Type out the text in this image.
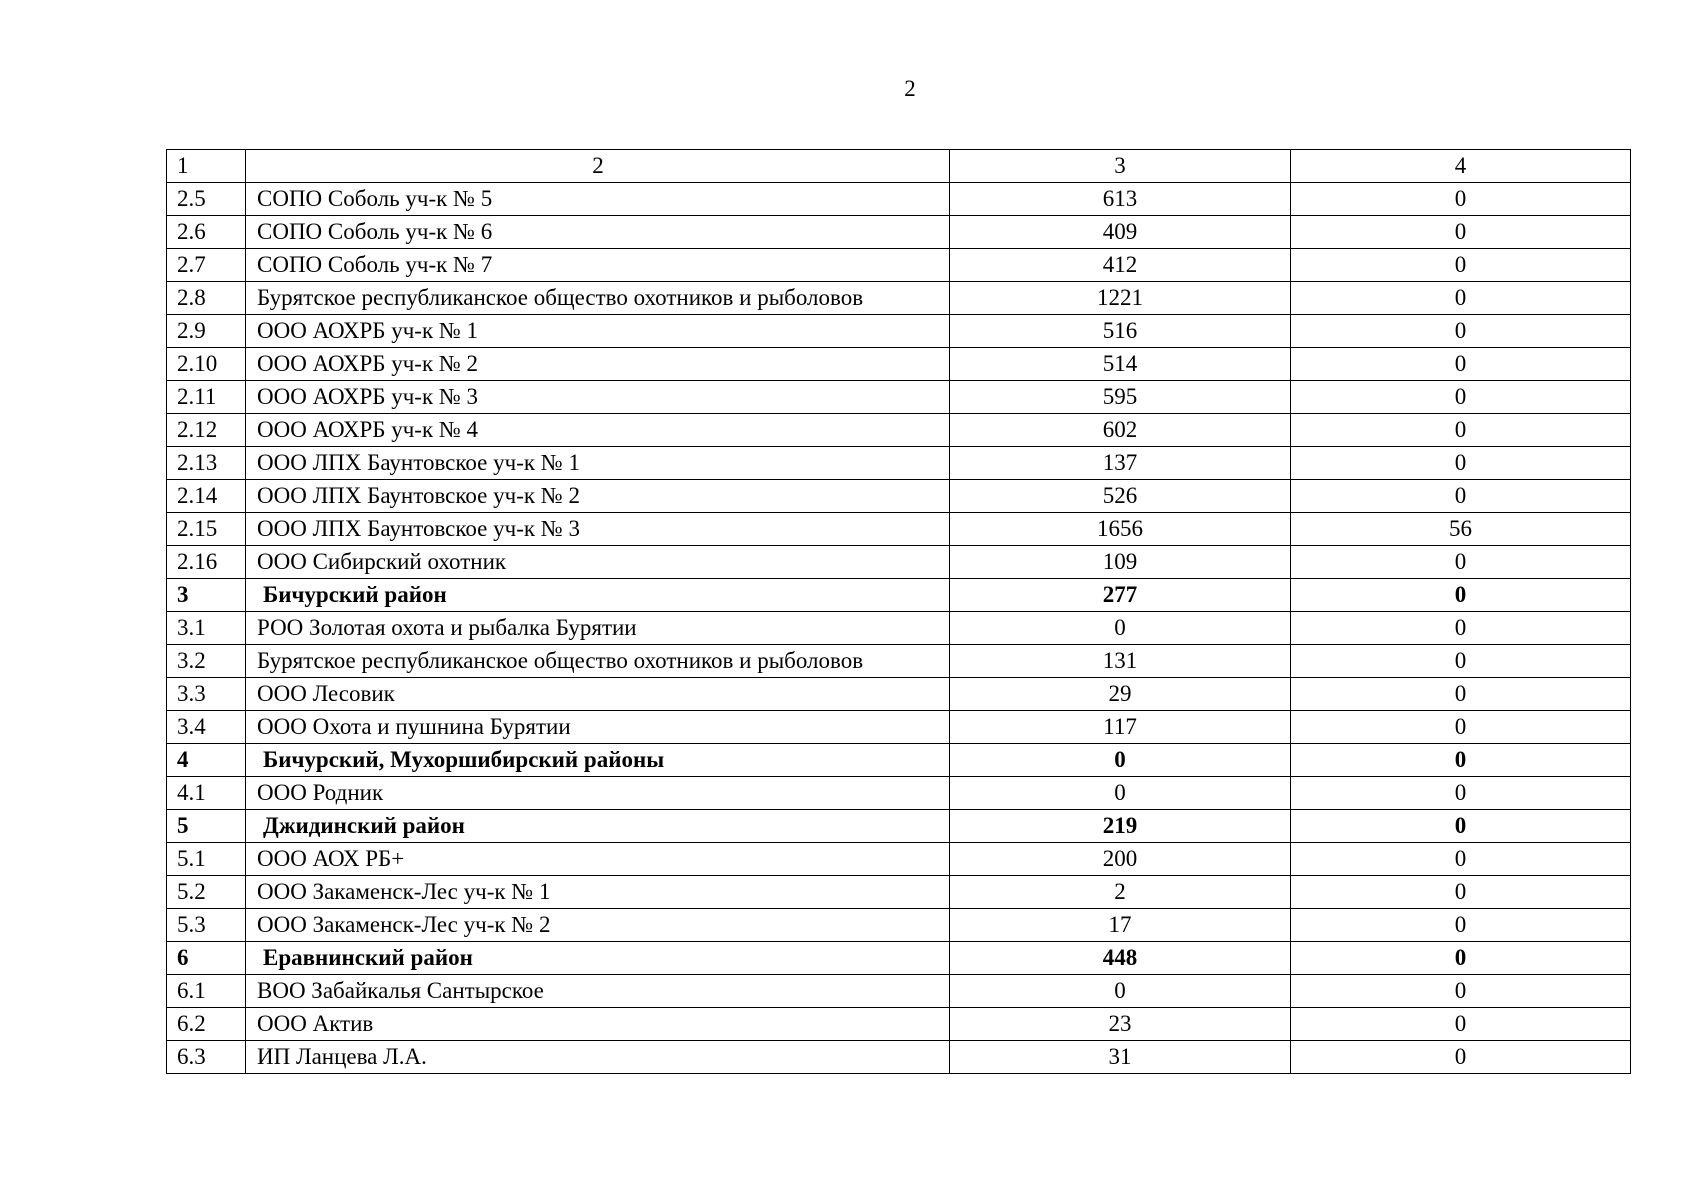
2
1	2	3	4
2.5	СОПО Соболь уч-к № 5	613	0
2.6	СОПО Соболь уч-к № 6	409	0
2.7	СОПО Соболь уч-к № 7	412	0
2.8	Бурятское республиканское общество охотников и рыболовов	1221	0
2.9	ООО АОХРБ уч-к № 1	516	0
2.10	ООО АОХРБ уч-к № 2	514	0
2.11	ООО АОХРБ уч-к № 3	595	0
2.12	ООО АОХРБ уч-к № 4	602	0
2.13	ООО ЛПХ Баунтовское уч-к № 1	137	0
2.14	ООО ЛПХ Баунтовское уч-к № 2	526	0
2.15	ООО ЛПХ Баунтовское уч-к № 3	1656	56
2.16	ООО Сибирский охотник	109	0
3	Бичурский район	277	0
3.1	РОО Золотая охота и рыбалка Бурятии	0	0
3.2	Бурятское республиканское общество охотников и рыболовов	131	0
3.3	ООО Лесовик	29	0
3.4	ООО Охота и пушнина Бурятии	117	0
4	Бичурский, Мухоршибирский районы	0	0
4.1	ООО Родник	0	0
5	Джидинский район	219	0
5.1	ООО АОХ РБ+	200	0
5.2	ООО Закаменск-Лес уч-к № 1	2	0
5.3	ООО Закаменск-Лес уч-к № 2	17	0
6	Еравнинский район	448	0
6.1	ВОО Забайкалья Сантырское	0	0
6.2	ООО Актив	23	0
6.3	ИП Ланцева Л.А.	31	0
